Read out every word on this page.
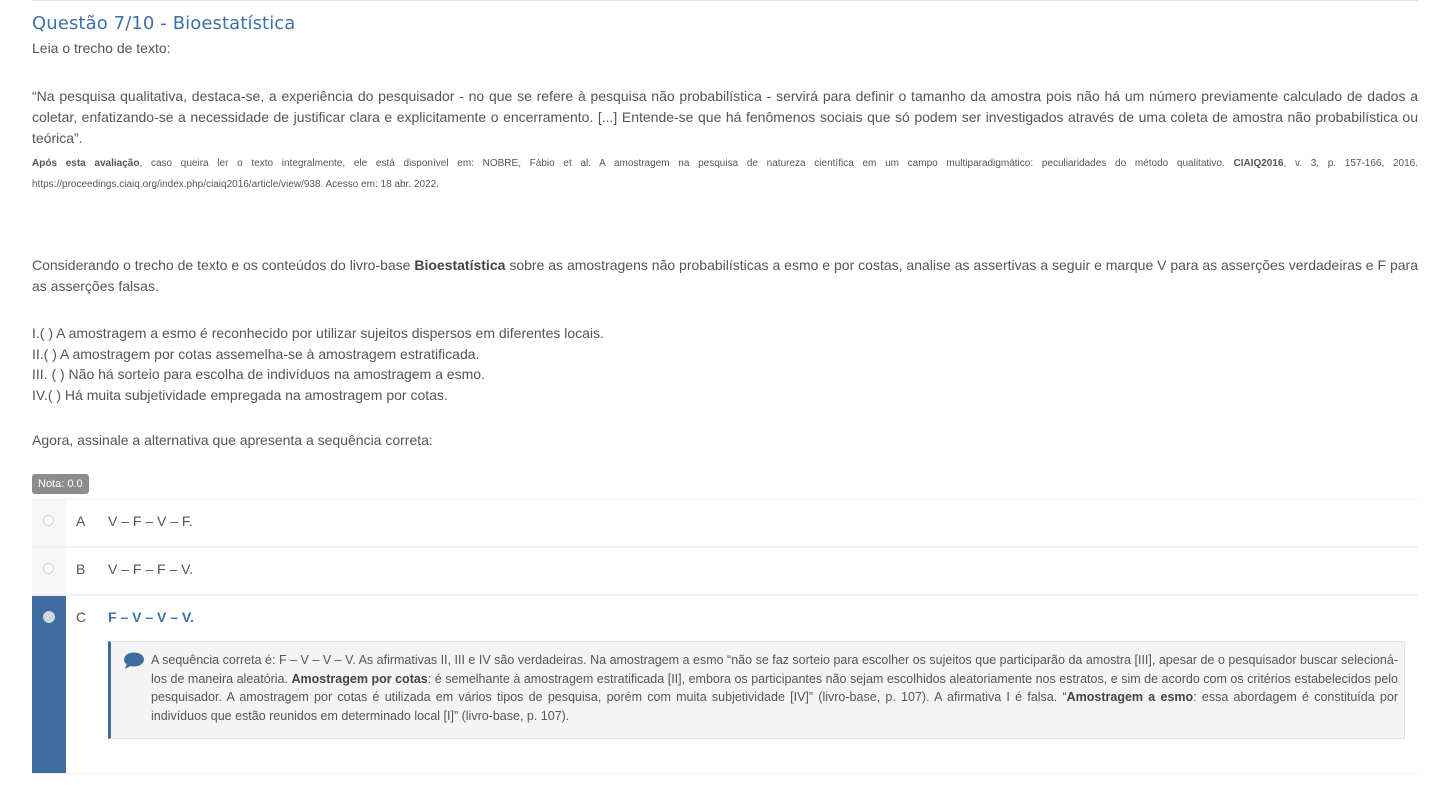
Questão 7/10 - Bioestatística
Leia o trecho de texto:

“Na pesquisa qualitativa, destaca-se, a experiência do pesquisador - no que se refere à pesquisa não probabilística - servirá para definir o tamanho da amostra pois não há um número previamente calculado de dados a coletar, enfatizando-se a necessidade de justificar clara e explicitamente o encerramento. [...] Entende-se que há fenômenos sociais que só podem ser investigados através de uma coleta de amostra não probabilística ou teórica”.

Após esta avaliação, caso queira ler o texto integralmente, ele está disponível em: NOBRE, Fábio et al. A amostragem na pesquisa de natureza científica em um campo multiparadigmático: peculiaridades do método qualitativo. CIAIQ2016, v. 3, p. 157-166, 2016. https://proceedings.ciaiq.org/index.php/ciaiq2016/article/view/938. Acesso em: 18 abr. 2022.

Considerando o trecho de texto e os conteúdos do livro-base Bioestatística sobre as amostragens não probabilísticas a esmo e por costas, analise as assertivas a seguir e marque V para as asserções verdadeiras e F para as asserções falsas.

I.( ) A amostragem a esmo é reconhecido por utilizar sujeitos dispersos em diferentes locais.
II.( ) A amostragem por cotas assemelha-se à amostragem estratificada.
III. ( ) Não há sorteio para escolha de indivíduos na amostragem a esmo.
IV.( ) Há muita subjetividade empregada na amostragem por cotas.
Agora, assinale a alternativa que apresenta a sequência correta:
Nota: 0.0
A V – F – V – F.
B V – F – F – V.
C F – V – V – V.

A sequência correta é: F – V – V – V. As afirmativas II, III e IV são verdadeiras. Na amostragem a esmo “não se faz sorteio para escolher os sujeitos que participarão da amostra [III], apesar de o pesquisador buscar selecioná-los de maneira aleatória. Amostragem por cotas: é semelhante à amostragem estratificada [II], embora os participantes não sejam escolhidos aleatoriamente nos estratos, e sim de acordo com os critérios estabelecidos pelo pesquisador. A amostragem por cotas é utilizada em vários tipos de pesquisa, porém com muita subjetividade [IV]” (livro-base, p. 107). A afirmativa I é falsa. “Amostragem a esmo: essa abordagem é constituída por indivíduos que estão reunidos em determinado local [I]” (livro-base, p. 107).
